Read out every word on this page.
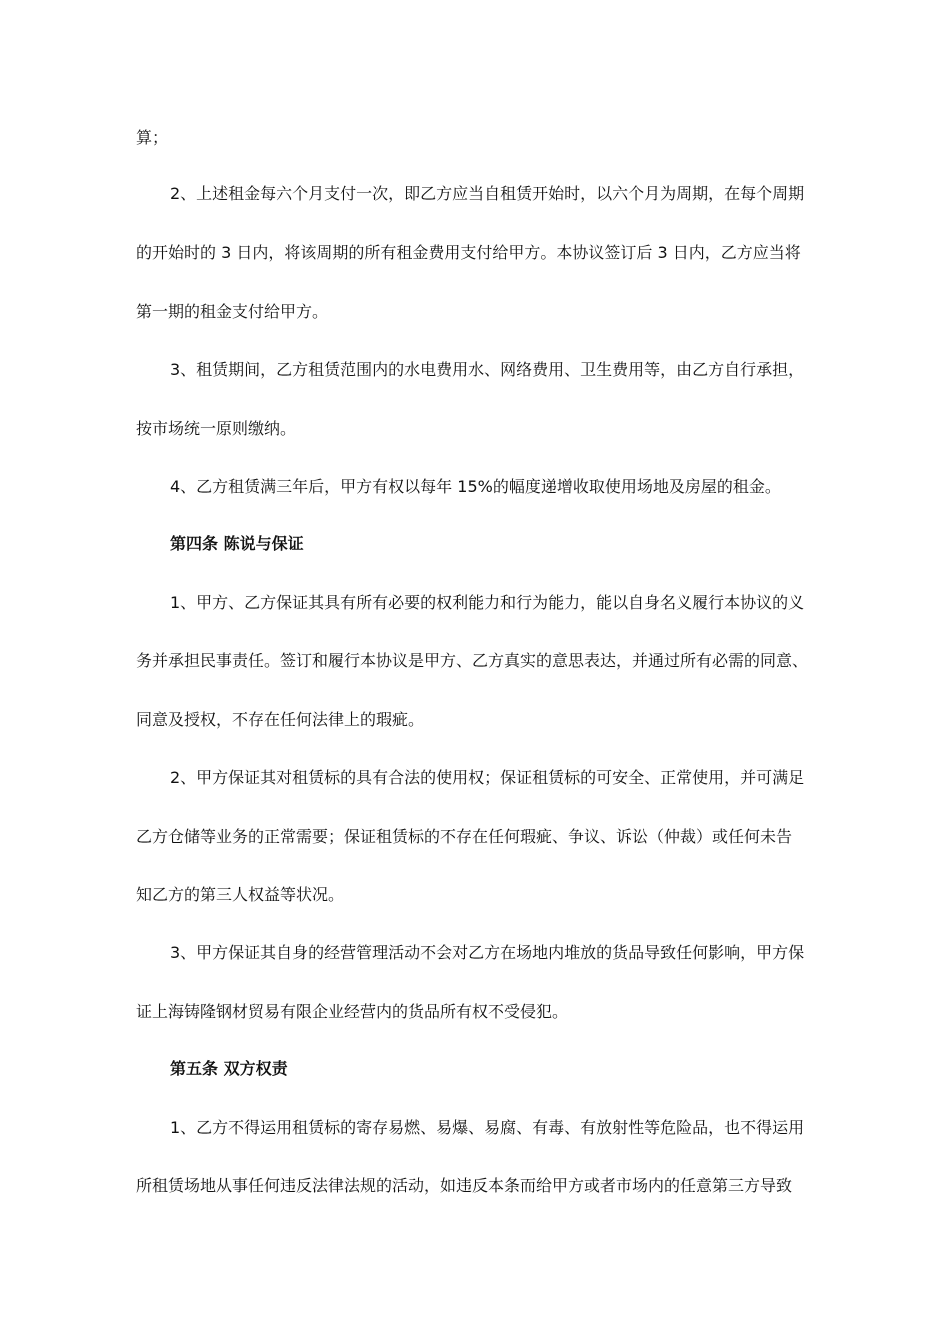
算；
2、上述租金每六个月支付一次，即乙方应当自租赁开始时，以六个月为周期，在每个周期
的开始时的 3 日内，将该周期的所有租金费用支付给甲方。本协议签订后 3 日内，乙方应当将
第一期的租金支付给甲方。
3、租赁期间，乙方租赁范围内的水电费用水、网络费用、卫生费用等，由乙方自行承担，
按市场统一原则缴纳。
4、乙方租赁满三年后，甲方有权以每年 15%的幅度递增收取使用场地及房屋的租金。
第四条 陈说与保证
1、甲方、乙方保证其具有所有必要的权利能力和行为能力，能以自身名义履行本协议的义
务并承担民事责任。签订和履行本协议是甲方、乙方真实的意思表达，并通过所有必需的同意、
同意及授权，不存在任何法律上的瑕疵。
2、甲方保证其对租赁标的具有合法的使用权；保证租赁标的可安全、正常使用，并可满足
乙方仓储等业务的正常需要；保证租赁标的不存在任何瑕疵、争议、诉讼（仲裁）或任何未告
知乙方的第三人权益等状况。
3、甲方保证其自身的经营管理活动不会对乙方在场地内堆放的货品导致任何影响，甲方保
证上海铸隆钢材贸易有限企业经营内的货品所有权不受侵犯。
第五条 双方权责
1、乙方不得运用租赁标的寄存易燃、易爆、易腐、有毒、有放射性等危险品，也不得运用
所租赁场地从事任何违反法律法规的活动，如违反本条而给甲方或者市场内的任意第三方导致
